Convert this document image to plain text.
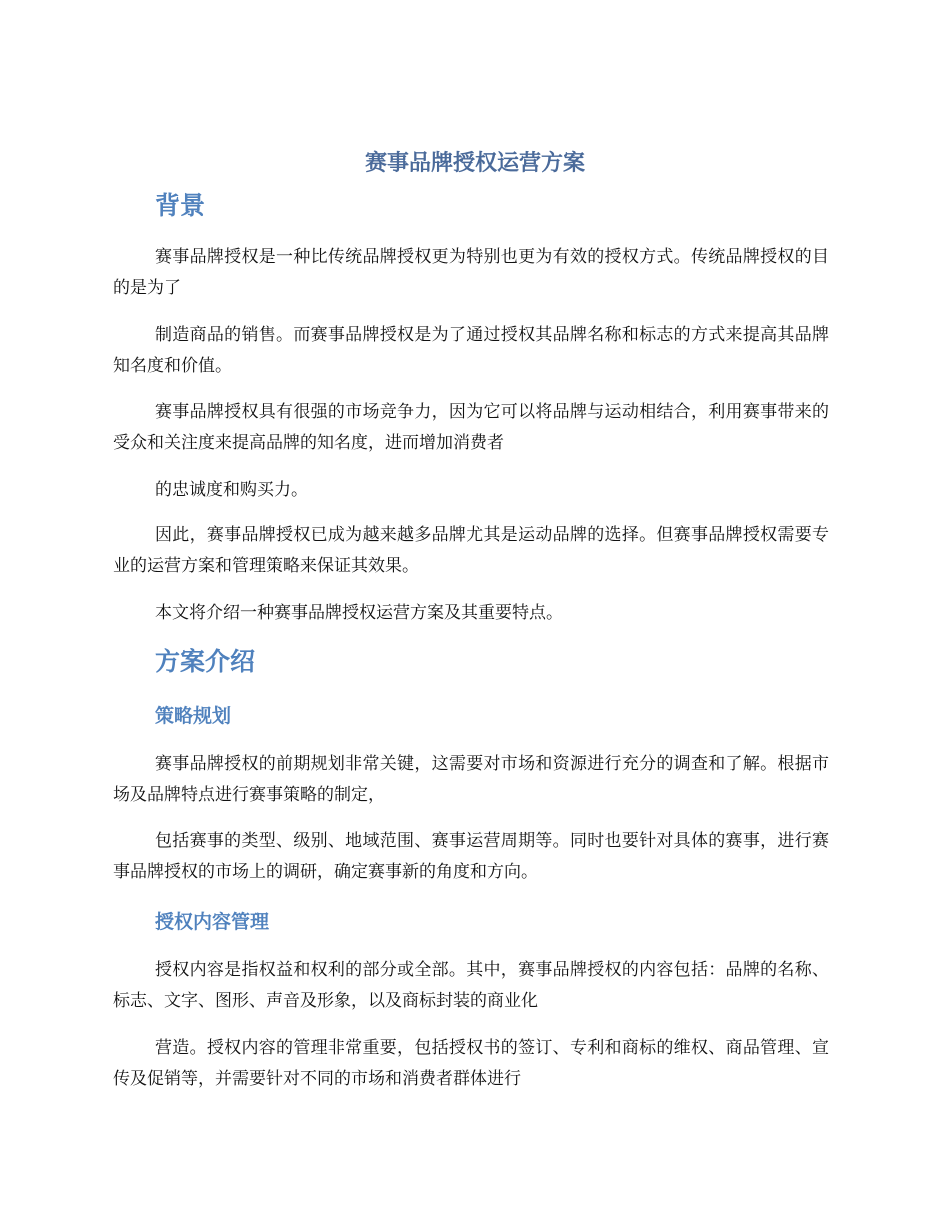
赛事品牌授权运营方案
背景

赛事品牌授权是一种比传统品牌授权更为特别也更为有效的授权方式。传统品牌授权的目的是为了

制造商品的销售。而赛事品牌授权是为了通过授权其品牌名称和标志的方式来提高其品牌知名度和价值。

赛事品牌授权具有很强的市场竞争力，因为它可以将品牌与运动相结合，利用赛事带来的受众和关注度来提高品牌的知名度，进而增加消费者

的忠诚度和购买力。

因此，赛事品牌授权已成为越来越多品牌尤其是运动品牌的选择。但赛事品牌授权需要专业的运营方案和管理策略来保证其效果。

本文将介绍一种赛事品牌授权运营方案及其重要特点。

方案介绍
策略规划

赛事品牌授权的前期规划非常关键，这需要对市场和资源进行充分的调查和了解。根据市场及品牌特点进行赛事策略的制定，

包括赛事的类型、级别、地域范围、赛事运营周期等。同时也要针对具体的赛事，进行赛事品牌授权的市场上的调研，确定赛事新的角度和方向。

授权内容管理

授权内容是指权益和权利的部分或全部。其中，赛事品牌授权的内容包括：品牌的名称、标志、文字、图形、声音及形象，以及商标封装的商业化

营造。授权内容的管理非常重要，包括授权书的签订、专利和商标的维权、商品管理、宣传及促销等，并需要针对不同的市场和消费者群体进行
